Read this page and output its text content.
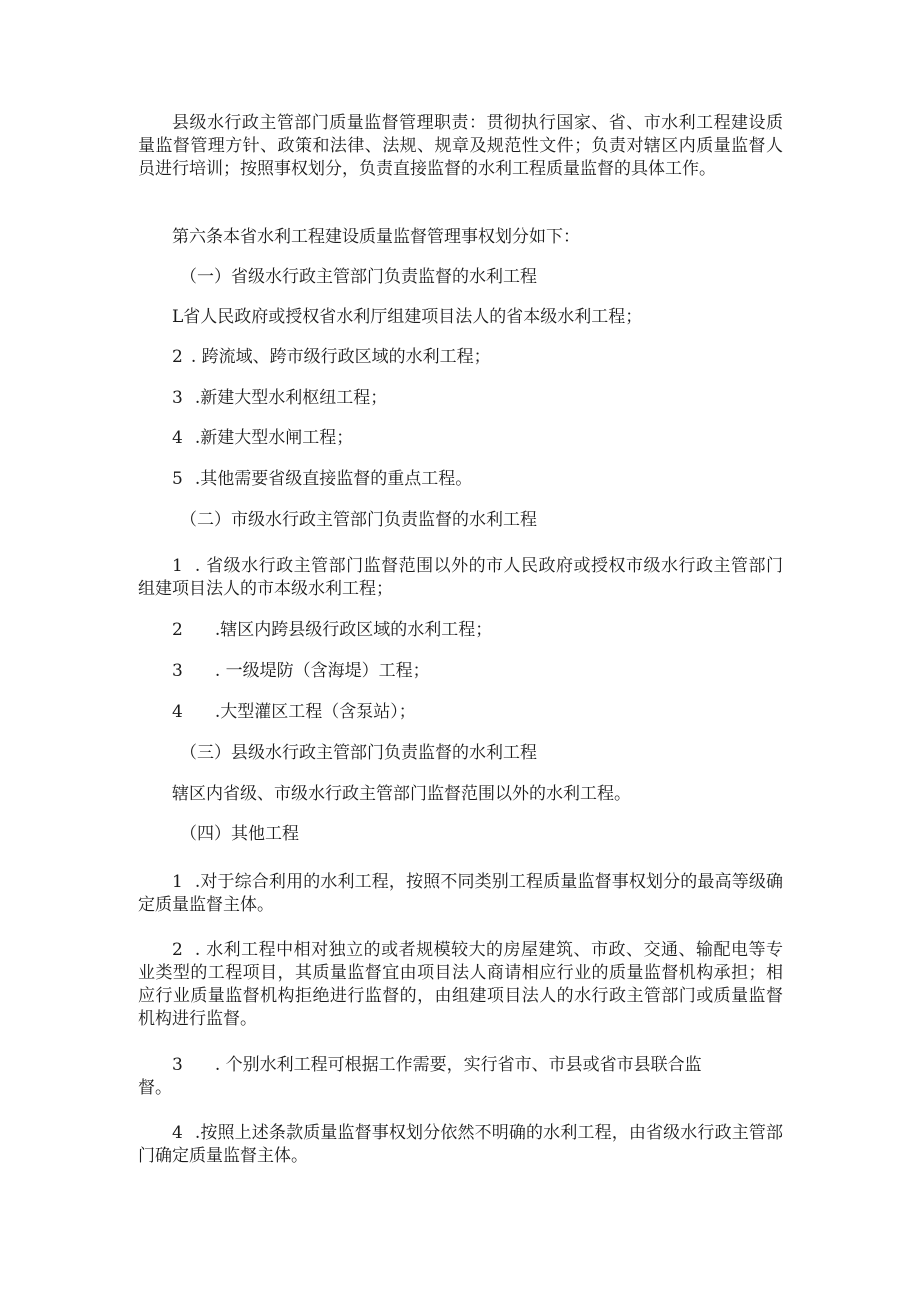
县级水行政主管部门质量监督管理职责：贯彻执行国家、省、市水利工程建设质量监督管理方针、政策和法律、法规、规章及规范性文件；负责对辖区内质量监督人员进行培训；按照事权划分，负责直接监督的水利工程质量监督的具体工作。

第六条本省水利工程建设质量监督管理事权划分如下：

（一）省级水行政主管部门负责监督的水利工程

L省人民政府或授权省水利厅组建项目法人的省本级水利工程；

2 . 跨流域、跨市级行政区域的水利工程；

3 .新建大型水利枢纽工程；

4 .新建大型水闸工程；

5 .其他需要省级直接监督的重点工程。

（二）市级水行政主管部门负责监督的水利工程

1 . 省级水行政主管部门监督范围以外的市人民政府或授权市级水行政主管部门组建项目法人的市本级水利工程；

2 .辖区内跨县级行政区域的水利工程；

3 . 一级堤防（含海堤）工程；

4 .大型灌区工程（含泵站）；

（三）县级水行政主管部门负责监督的水利工程

辖区内省级、市级水行政主管部门监督范围以外的水利工程。

（四）其他工程

1 .对于综合利用的水利工程，按照不同类别工程质量监督事权划分的最高等级确定质量监督主体。

2 . 水利工程中相对独立的或者规模较大的房屋建筑、市政、交通、输配电等专业类型的工程项目，其质量监督宜由项目法人商请相应行业的质量监督机构承担；相应行业质量监督机构拒绝进行监督的，由组建项目法人的水行政主管部门或质量监督机构进行监督。

3 . 个别水利工程可根据工作需要，实行省市、市县或省市县联合监
督。

4 .按照上述条款质量监督事权划分依然不明确的水利工程，由省级水行政主管部门确定质量监督主体。
